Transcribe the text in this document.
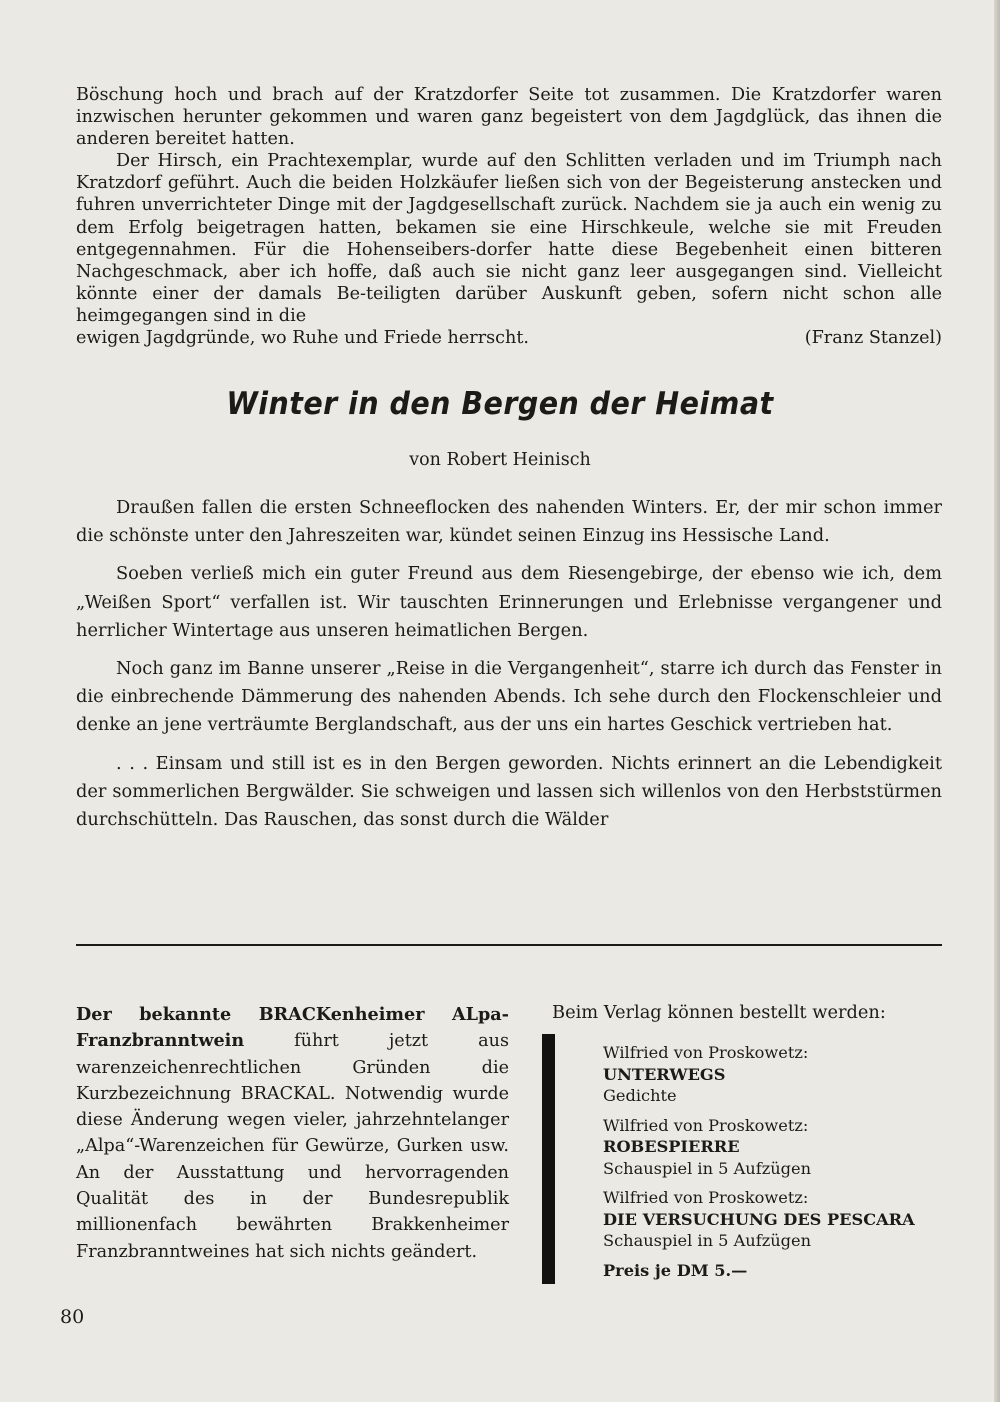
Böschung hoch und brach auf der Kratzdorfer Seite tot zusammen. Die Kratzdorfer waren inzwischen herunter gekommen und waren ganz begeistert von dem Jagdglück, das ihnen die anderen bereitet hatten.

Der Hirsch, ein Prachtexemplar, wurde auf den Schlitten verladen und im Triumph nach Kratzdorf geführt. Auch die beiden Holzkäufer ließen sich von der Begeisterung anstecken und fuhren unverrichteter Dinge mit der Jagdgesellschaft zurück. Nachdem sie ja auch ein wenig zu dem Erfolg beigetragen hatten, bekamen sie eine Hirschkeule, welche sie mit Freuden entgegennahmen. Für die Hohenseibers-dorfer hatte diese Begebenheit einen bitteren Nachgeschmack, aber ich hoffe, daß auch sie nicht ganz leer ausgegangen sind. Vielleicht könnte einer der damals Be-teiligten darüber Auskunft geben, sofern nicht schon alle heimgegangen sind in die

ewigen Jagdgründe, wo Ruhe und Friede herrscht.	(Franz Stanzel)
Winter in den Bergen der Heimat
von Robert Heinisch

Draußen fallen die ersten Schneeflocken des nahenden Winters. Er, der mir schon immer die schönste unter den Jahreszeiten war, kündet seinen Einzug ins Hessische Land.

Soeben verließ mich ein guter Freund aus dem Riesengebirge, der ebenso wie ich, dem „Weißen Sport“ verfallen ist. Wir tauschten Erinnerungen und Erlebnisse vergangener und herrlicher Wintertage aus unseren heimatlichen Bergen.

Noch ganz im Banne unserer „Reise in die Vergangenheit“, starre ich durch das Fenster in die einbrechende Dämmerung des nahenden Abends. Ich sehe durch den Flockenschleier und denke an jene verträumte Berglandschaft, aus der uns ein hartes Geschick vertrieben hat.

. . . Einsam und still ist es in den Bergen geworden. Nichts erinnert an die Lebendigkeit der sommerlichen Bergwälder. Sie schweigen und lassen sich willenlos von den Herbststürmen durchschütteln. Das Rauschen, das sonst durch die Wälder

Der bekannte BRACKenheimer ALpa-Franzbranntwein	führt jetzt aus warenzeichenrechtlichen Gründen die Kurzbezeichnung BRACKAL. Notwendig wurde diese Änderung wegen vieler, jahrzehntelanger „Alpa“-Warenzeichen für Gewürze, Gurken usw. An der Ausstattung und hervorragenden Qualität des in der Bundesrepublik millionenfach bewährten Brakkenheimer Franzbranntweines hat sich nichts geändert.
Beim Verlag können bestellt werden:
Wilfried von Proskowetz:
UNTERWEGS
Gedichte
Wilfried von Proskowetz:
ROBESPIERRE
Schauspiel in 5 Aufzügen
Wilfried von Proskowetz:
DIE VERSUCHUNG DES PESCARA
Schauspiel in 5 Aufzügen
Preis je DM 5.—
80
